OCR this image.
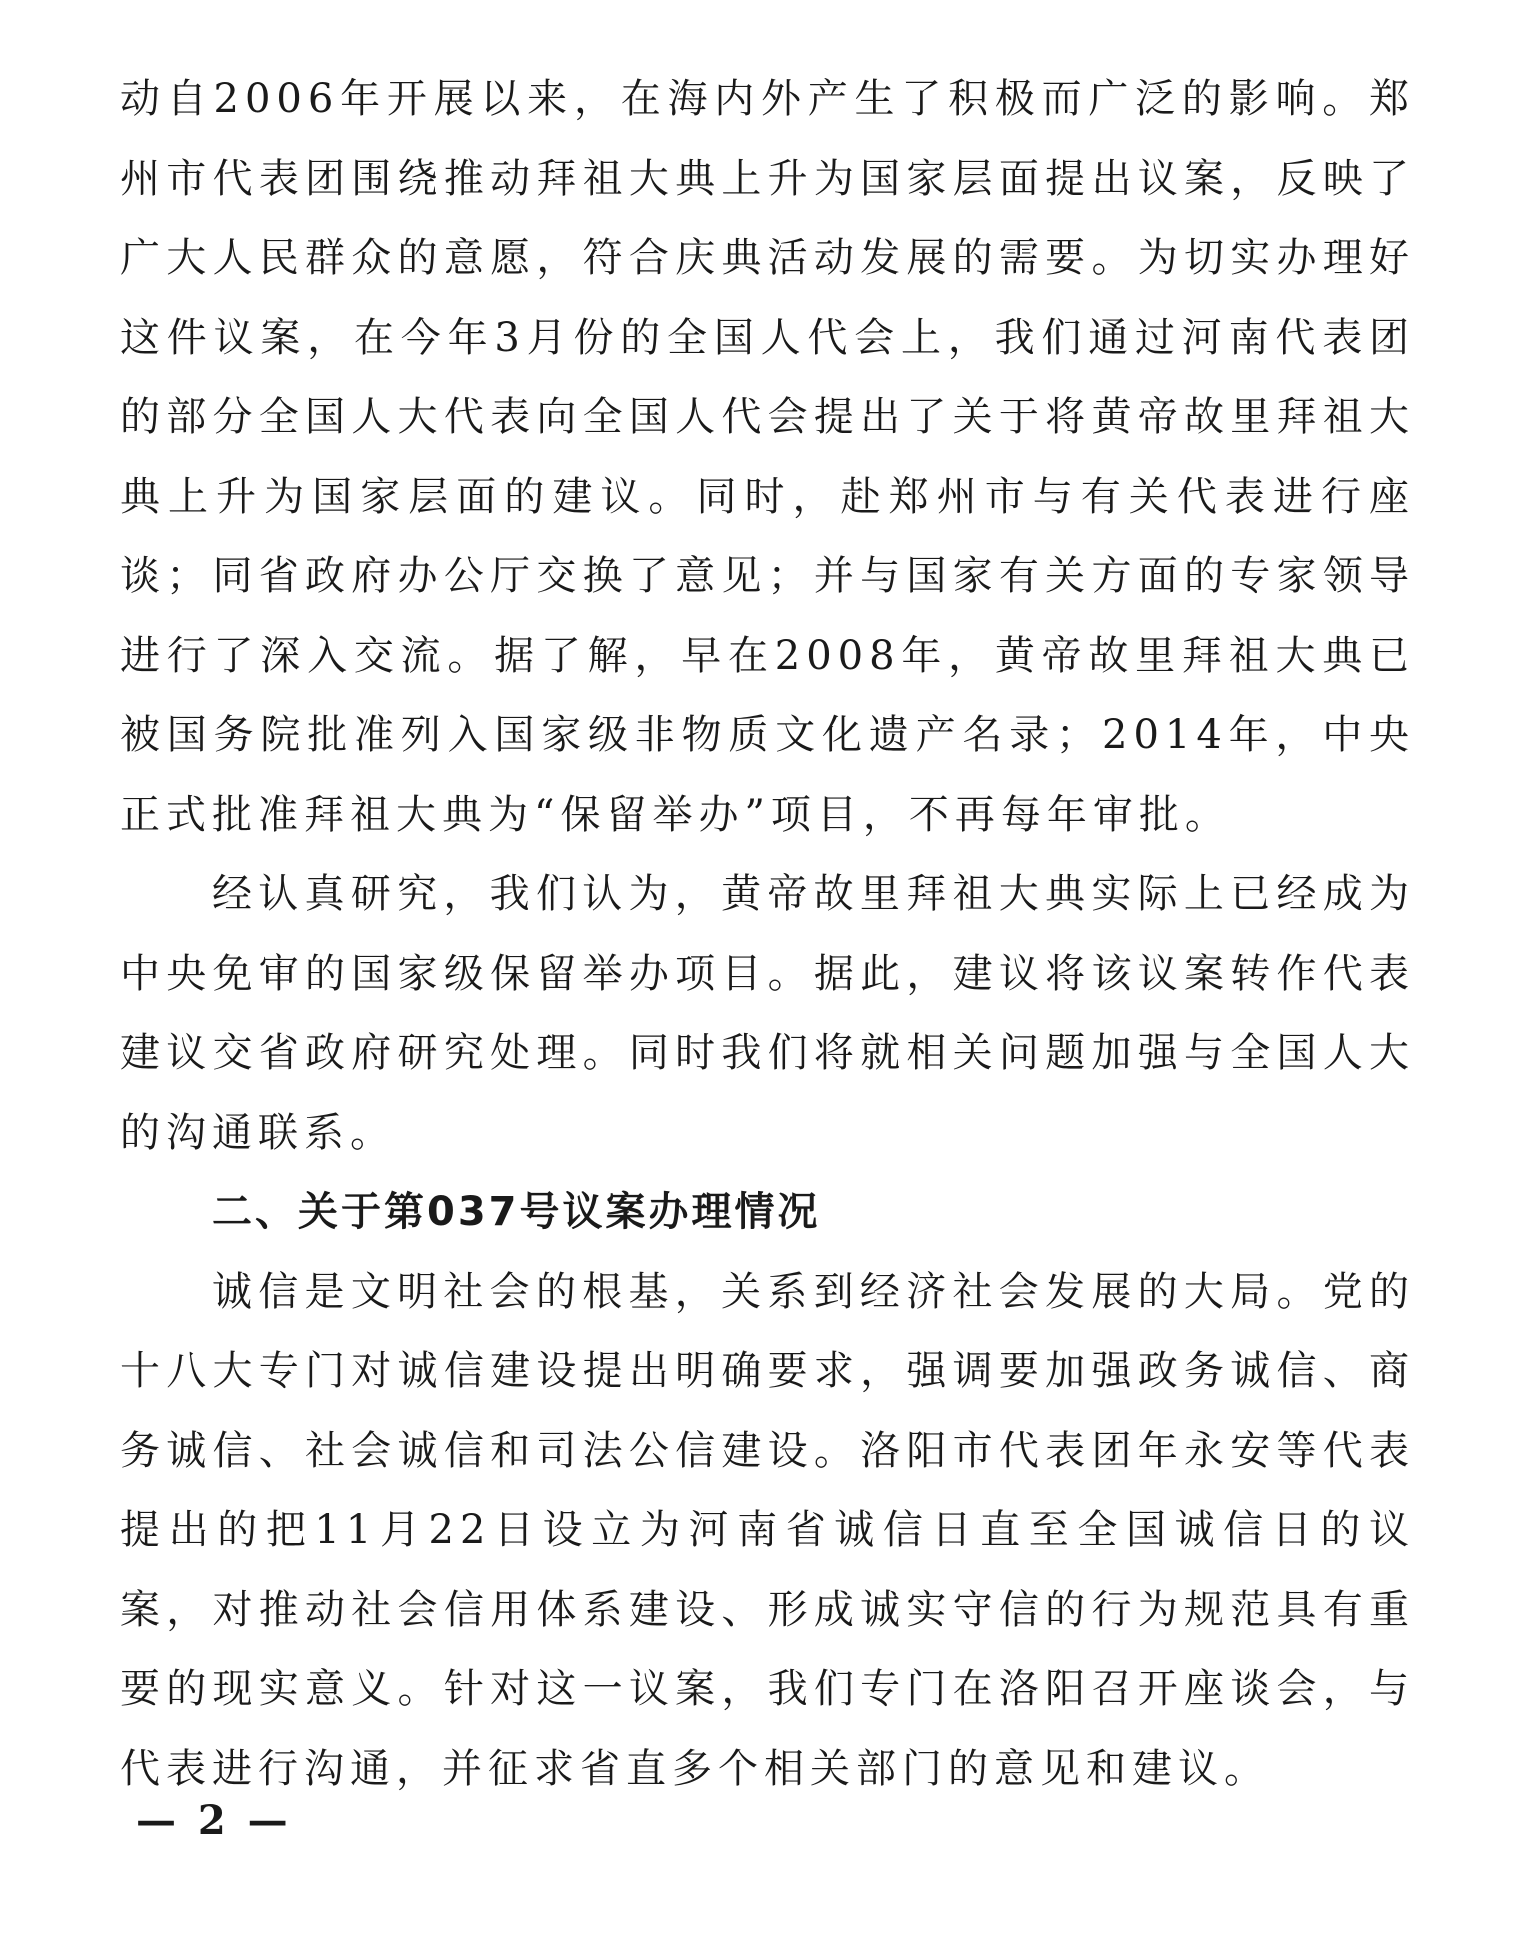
动自2006年开展以来，在海内外产生了积极而广泛的影响。郑州市代表团围绕推动拜祖大典上升为国家层面提出议案，反映了广大人民群众的意愿，符合庆典活动发展的需要。为切实办理好这件议案，在今年3月份的全国人代会上，我们通过河南代表团的部分全国人大代表向全国人代会提出了关于将黄帝故里拜祖大典上升为国家层面的建议。同时，赴郑州市与有关代表进行座谈；同省政府办公厅交换了意见；并与国家有关方面的专家领导进行了深入交流。据了解，早在2008年，黄帝故里拜祖大典已被国务院批准列入国家级非物质文化遗产名录；2014年，中央正式批准拜祖大典为“保留举办”项目，不再每年审批。

经认真研究，我们认为，黄帝故里拜祖大典实际上已经成为中央免审的国家级保留举办项目。据此，建议将该议案转作代表建议交省政府研究处理。同时我们将就相关问题加强与全国人大的沟通联系。

二、关于第037号议案办理情况

诚信是文明社会的根基，关系到经济社会发展的大局。党的十八大专门对诚信建设提出明确要求，强调要加强政务诚信、商务诚信、社会诚信和司法公信建设。洛阳市代表团年永安等代表提出的把11月22日设立为河南省诚信日直至全国诚信日的议案，对推动社会信用体系建设、形成诚实守信的行为规范具有重要的现实意义。针对这一议案，我们专门在洛阳召开座谈会，与代表进行沟通，并征求省直多个相关部门的意见和建议。

— 2 —
